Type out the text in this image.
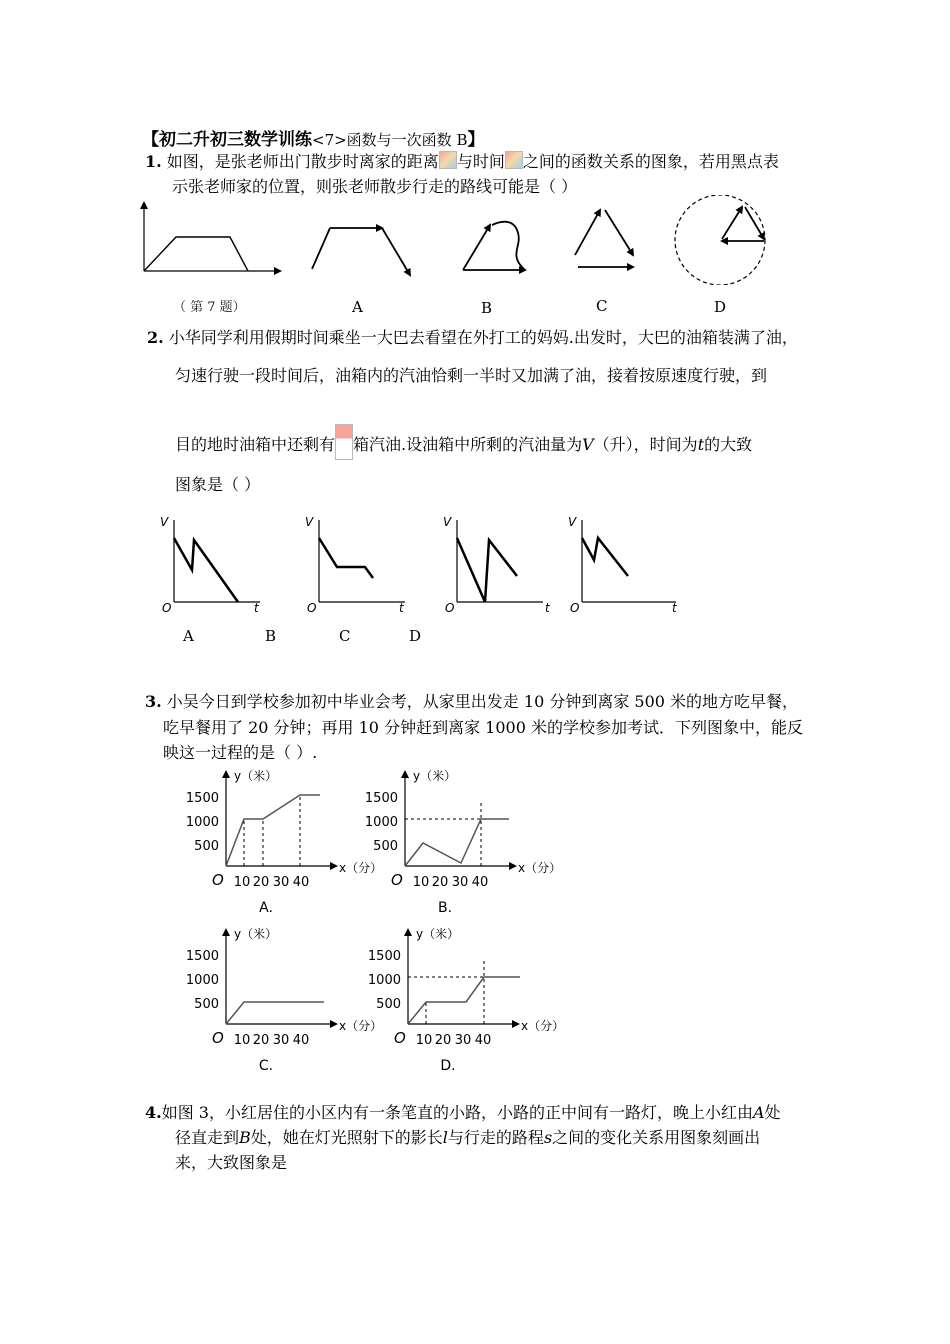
【初二升初三数学训练<7>函数与一次函数 B】
1. 如图，是张老师出门散步时离家的距离 与时间 之间的函数关系的图象，若用黑点表
示张老师家的位置，则张老师散步行走的路线可能是（ ）
（ 第 7 题）	A	B	C	D
2. 小华同学利用假期时间乘坐一大巴去看望在外打工的妈妈.出发时，大巴的油箱装满了油，
匀速行驶一段时间后，油箱内的汽油恰剩一半时又加满了油，接着按原速度行驶，到
目的地时油箱中还剩有 箱汽油.设油箱中所剩的汽油量为V（升），时间为t的大致
图象是（ ）
V
O	t
V
O	t
V
O	t
V
O	t
A	B	C	D
3. 小吴今日到学校参加初中毕业会考，从家里出发走 10 分钟到离家 500 米的地方吃早餐，
吃早餐用了 20 分钟；再用 10 分钟赶到离家 1000 米的学校参加考试．下列图象中，能反
映这一过程的是（ ）.
O
y（米）
x（分）
1500
1000
500
10 20 30 40
A.
O
y（米）
x（分）
1500
1000
500
10 20 30 40
B.
O
y（米）
x（分）
1500
1000
500
10 20 30 40
C.
O
y（米）
x（分）
1500
1000
500
10 20 30 40
D.
4.如图 3，小红居住的小区内有一条笔直的小路，小路的正中间有一路灯，晚上小红由A处
径直走到B处，她在灯光照射下的影长l与行走的路程s之间的变化关系用图象刻画出
来，大致图象是
